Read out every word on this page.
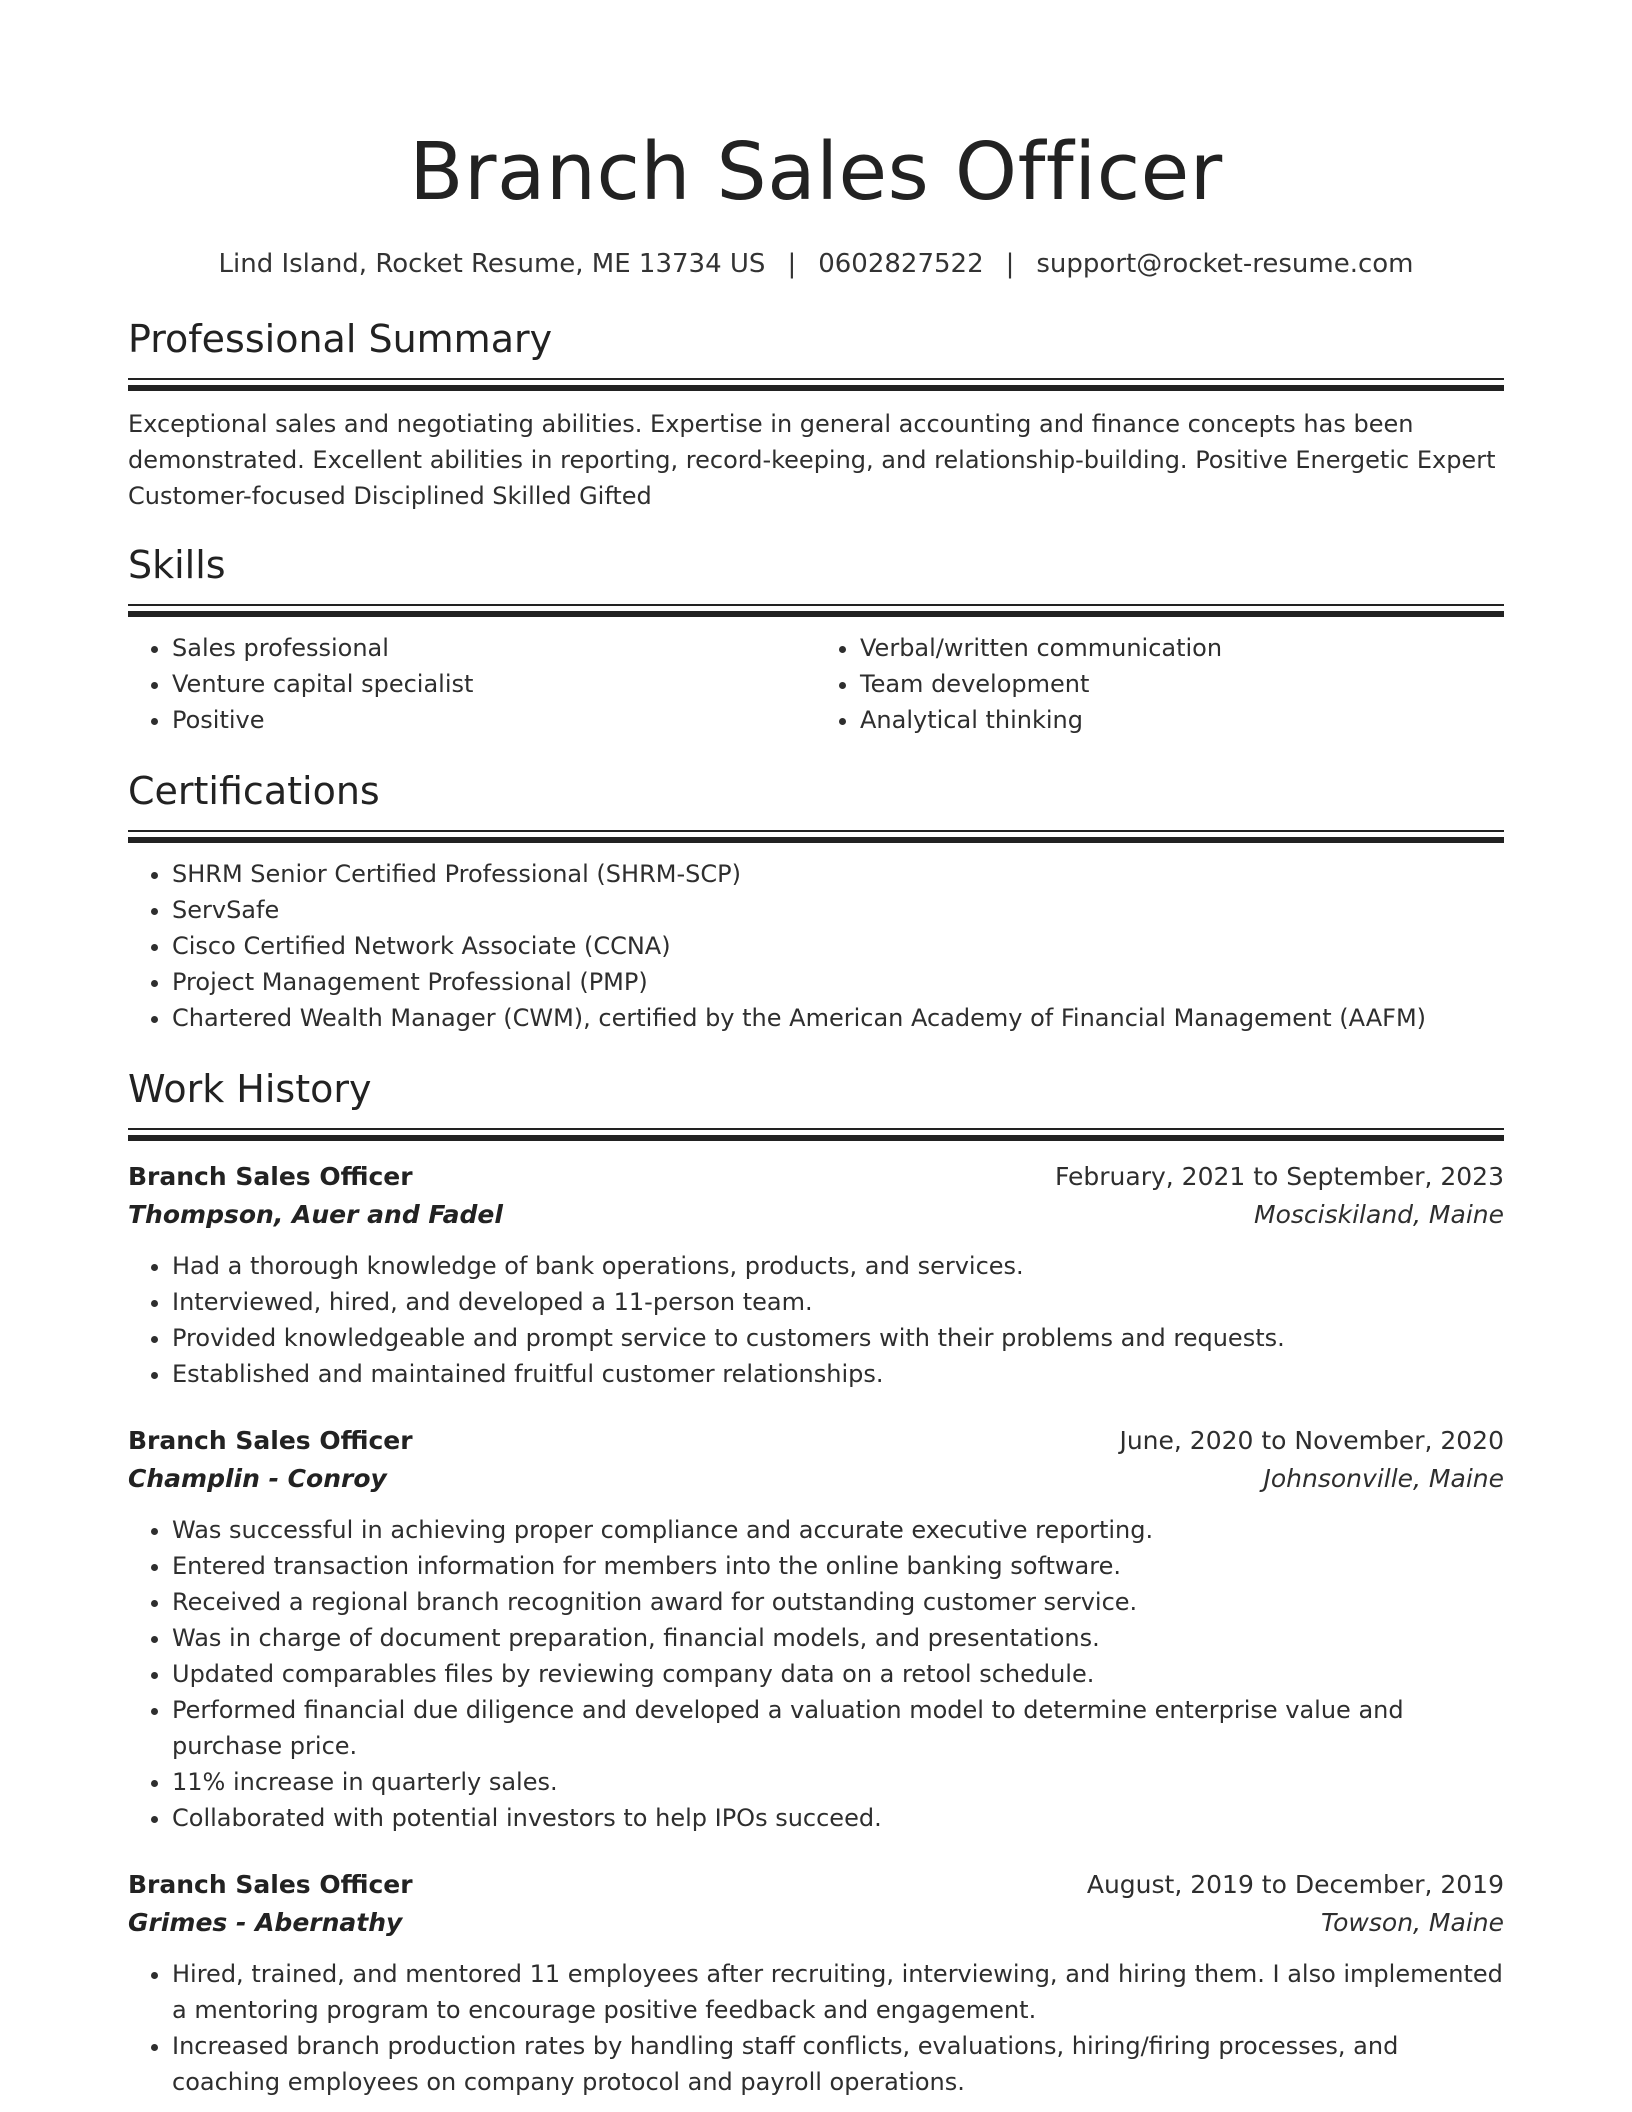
Branch Sales Officer
Lind Island, Rocket Resume, ME 13734 US | 0602827522 | support@rocket-resume.com
Professional Summary
Exceptional sales and negotiating abilities. Expertise in general accounting and finance concepts has been demonstrated. Excellent abilities in reporting, record-keeping, and relationship-building. Positive Energetic Expert Customer-focused Disciplined Skilled Gifted
Skills
• Sales professional
• Venture capital specialist
• Positive
• Verbal/written communication
• Team development
• Analytical thinking
Certifications
• SHRM Senior Certified Professional (SHRM-SCP)
• ServSafe
• Cisco Certified Network Associate (CCNA)
• Project Management Professional (PMP)
• Chartered Wealth Manager (CWM), certified by the American Academy of Financial Management (AAFM)
Work History
Branch Sales Officer	February, 2021 to September, 2023
Thompson, Auer and Fadel	Mosciskiland, Maine
• Had a thorough knowledge of bank operations, products, and services.
• Interviewed, hired, and developed a 11-person team.
• Provided knowledgeable and prompt service to customers with their problems and requests.
• Established and maintained fruitful customer relationships.
Branch Sales Officer	June, 2020 to November, 2020
Champlin - Conroy	Johnsonville, Maine
• Was successful in achieving proper compliance and accurate executive reporting.
• Entered transaction information for members into the online banking software.
• Received a regional branch recognition award for outstanding customer service.
• Was in charge of document preparation, financial models, and presentations.
• Updated comparables files by reviewing company data on a retool schedule.
• Performed financial due diligence and developed a valuation model to determine enterprise value and purchase price.
• 11% increase in quarterly sales.
• Collaborated with potential investors to help IPOs succeed.
Branch Sales Officer	August, 2019 to December, 2019
Grimes - Abernathy	Towson, Maine
• Hired, trained, and mentored 11 employees after recruiting, interviewing, and hiring them. I also implemented a mentoring program to encourage positive feedback and engagement.
• Increased branch production rates by handling staff conflicts, evaluations, hiring/firing processes, and coaching employees on company protocol and payroll operations.
